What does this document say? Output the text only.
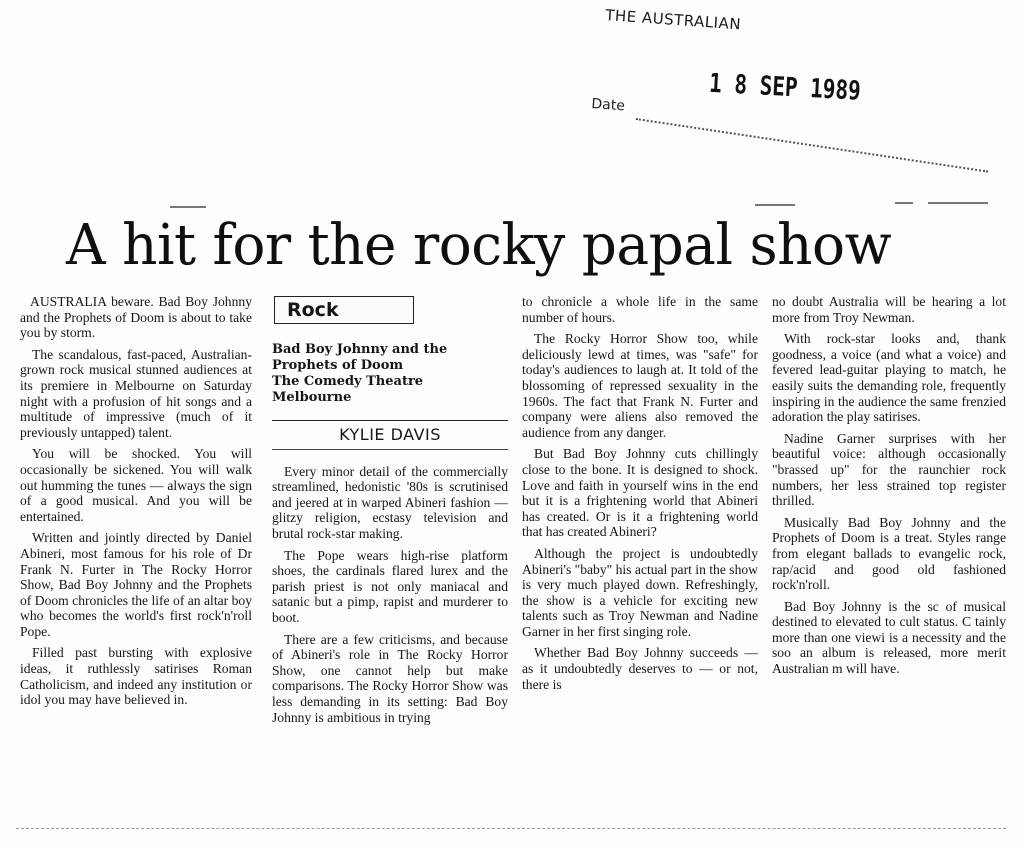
THE AUSTRALIAN
1 8 SEP 1989
Date
A hit for the rocky papal show

AUSTRALIA beware. Bad Boy Johnny and the Prophets of Doom is about to take you by storm.

The scandalous, fast-paced, Australian-grown rock musical stunned audiences at its premiere in Melbourne on Saturday night with a profusion of hit songs and a multitude of impressive (much of it previously untapped) talent.

You will be shocked. You will occasionally be sickened. You will walk out humming the tunes — always the sign of a good musical. And you will be entertained.

Written and jointly directed by Daniel Abineri, most famous for his role of Dr Frank N. Furter in The Rocky Horror Show, Bad Boy Johnny and the Prophets of Doom chronicles the life of an altar boy who becomes the world's first rock'n'roll Pope.

Filled past bursting with explosive ideas, it ruthlessly satirises Roman Catholicism, and indeed any institution or idol you may have believed in.

Rock
Bad Boy Johnny and the
Prophets of Doom
The Comedy Theatre
Melbourne
KYLIE DAVIS

Every minor detail of the commercially streamlined, hedonistic '80s is scrutinised and jeered at in warped Abineri fashion — glitzy religion, ecstasy television and brutal rock-star making.

The Pope wears high-rise platform shoes, the cardinals flared lurex and the parish priest is not only maniacal and satanic but a pimp, rapist and murderer to boot.

There are a few criticisms, and because of Abineri's role in The Rocky Horror Show, one cannot help but make comparisons. The Rocky Horror Show was less demanding in its setting: Bad Boy Johnny is ambitious in trying

to chronicle a whole life in the same number of hours.

The Rocky Horror Show too, while deliciously lewd at times, was "safe" for today's audiences to laugh at. It told of the blossoming of repressed sexuality in the 1960s. The fact that Frank N. Furter and company were aliens also removed the audience from any danger.

But Bad Boy Johnny cuts chillingly close to the bone. It is designed to shock. Love and faith in yourself wins in the end but it is a frightening world that Abineri has created. Or is it a frightening world that has created Abineri?

Although the project is undoubtedly Abineri's "baby" his actual part in the show is very much played down. Refreshingly, the show is a vehicle for exciting new talents such as Troy Newman and Nadine Garner in her first singing role.

Whether Bad Boy Johnny succeeds — as it undoubtedly deserves to — or not, there is

no doubt Australia will be hearing a lot more from Troy Newman.

With rock-star looks and, thank goodness, a voice (and what a voice) and fevered lead-guitar playing to match, he easily suits the demanding role, frequently inspiring in the audience the same frenzied adoration the play satirises.

Nadine Garner surprises with her beautiful voice: although occasionally "brassed up" for the raunchier rock numbers, her less strained top register thrilled.

Musically Bad Boy Johnny and the Prophets of Doom is a treat. Styles range from elegant ballads to evangelic rock, rap/acid and good old fashioned rock'n'roll.

Bad Boy Johnny is the sc of musical destined to elevated to cult status. C tainly more than one viewi is a necessity and the soo an album is released, more merit Australian m will have.
